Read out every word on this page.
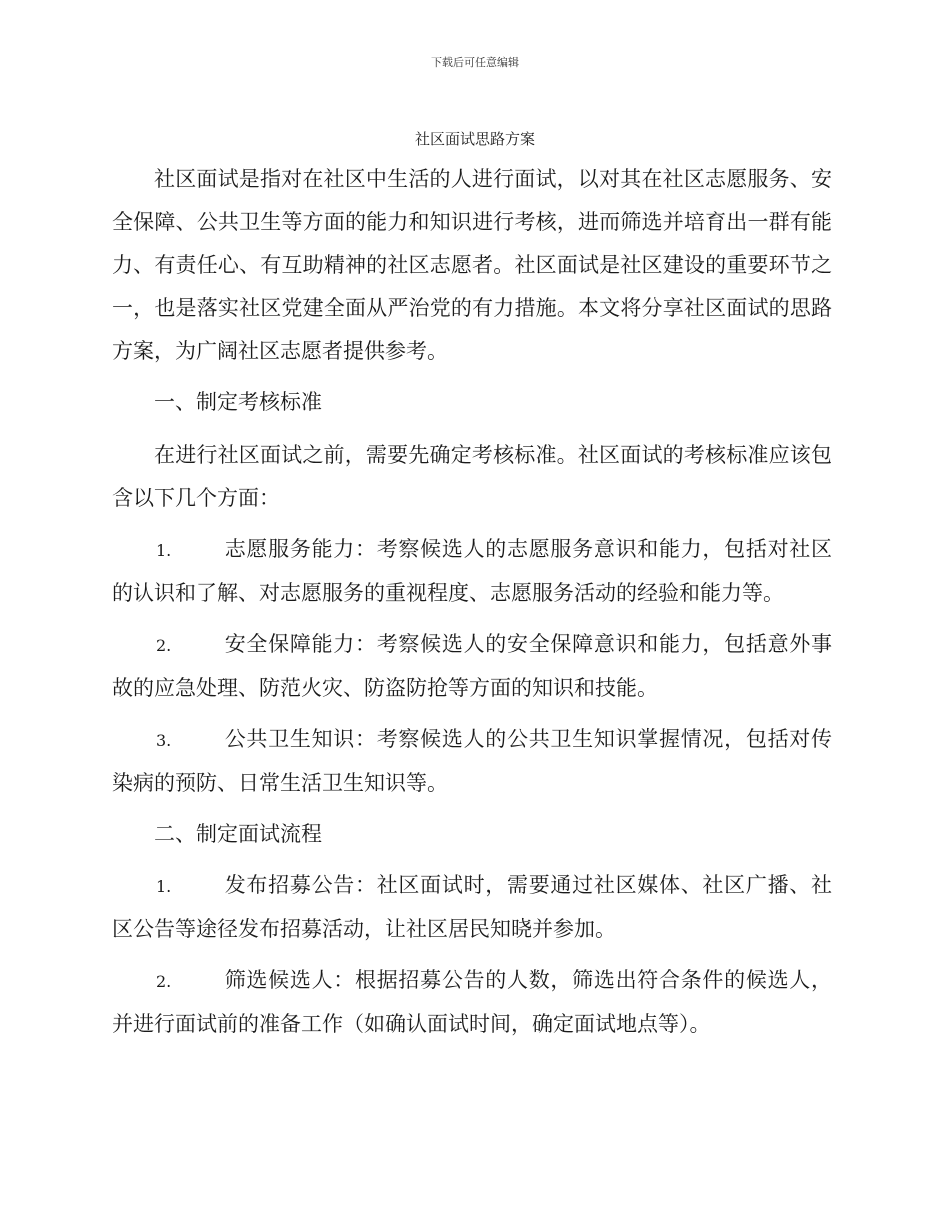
下载后可任意编辑
社区面试思路方案

社区面试是指对在社区中生活的人进行面试，以对其在社区志愿服务、安全保障、公共卫生等方面的能力和知识进行考核，进而筛选并培育出一群有能力、有责任心、有互助精神的社区志愿者。社区面试是社区建设的重要环节之一，也是落实社区党建全面从严治党的有力措施。本文将分享社区面试的思路方案，为广阔社区志愿者提供参考。

一、制定考核标准

在进行社区面试之前，需要先确定考核标准。社区面试的考核标准应该包含以下几个方面：

1.	志愿服务能力：考察候选人的志愿服务意识和能力，包括对社区的认识和了解、对志愿服务的重视程度、志愿服务活动的经验和能力等。

2.	安全保障能力：考察候选人的安全保障意识和能力，包括意外事故的应急处理、防范火灾、防盗防抢等方面的知识和技能。

3.	公共卫生知识：考察候选人的公共卫生知识掌握情况，包括对传染病的预防、日常生活卫生知识等。

二、制定面试流程

1.	发布招募公告：社区面试时，需要通过社区媒体、社区广播、社区公告等途径发布招募活动，让社区居民知晓并参加。

2.	筛选候选人：根据招募公告的人数，筛选出符合条件的候选人，并进行面试前的准备工作（如确认面试时间，确定面试地点等）。
